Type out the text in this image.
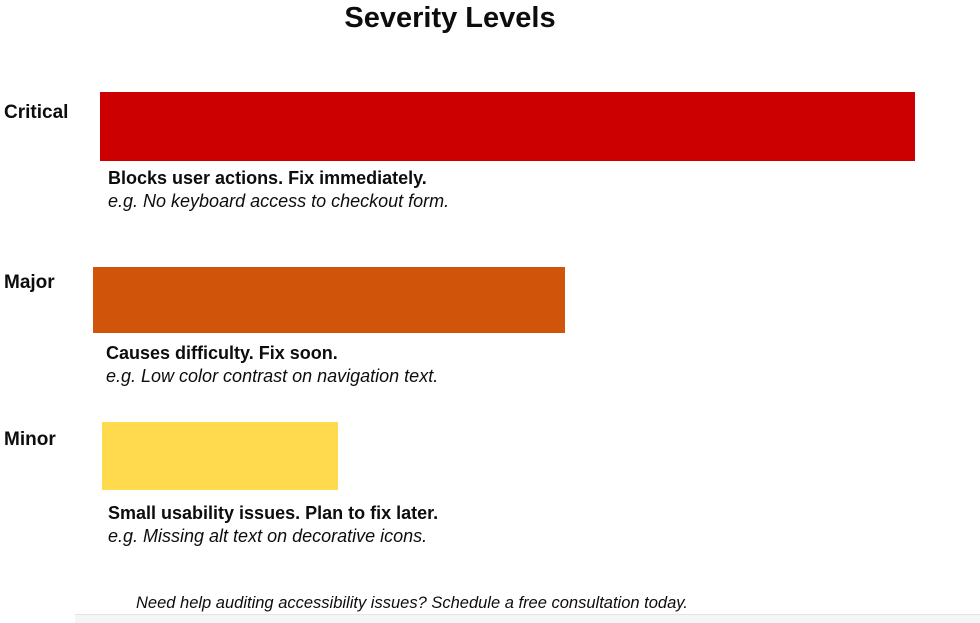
Severity Levels
Critical
Blocks user actions. Fix immediately.
e.g. No keyboard access to checkout form.
Major
Causes difficulty. Fix soon.
e.g. Low color contrast on navigation text.
Minor
Small usability issues. Plan to fix later.
e.g. Missing alt text on decorative icons.
Need help auditing accessibility issues? Schedule a free consultation today.
